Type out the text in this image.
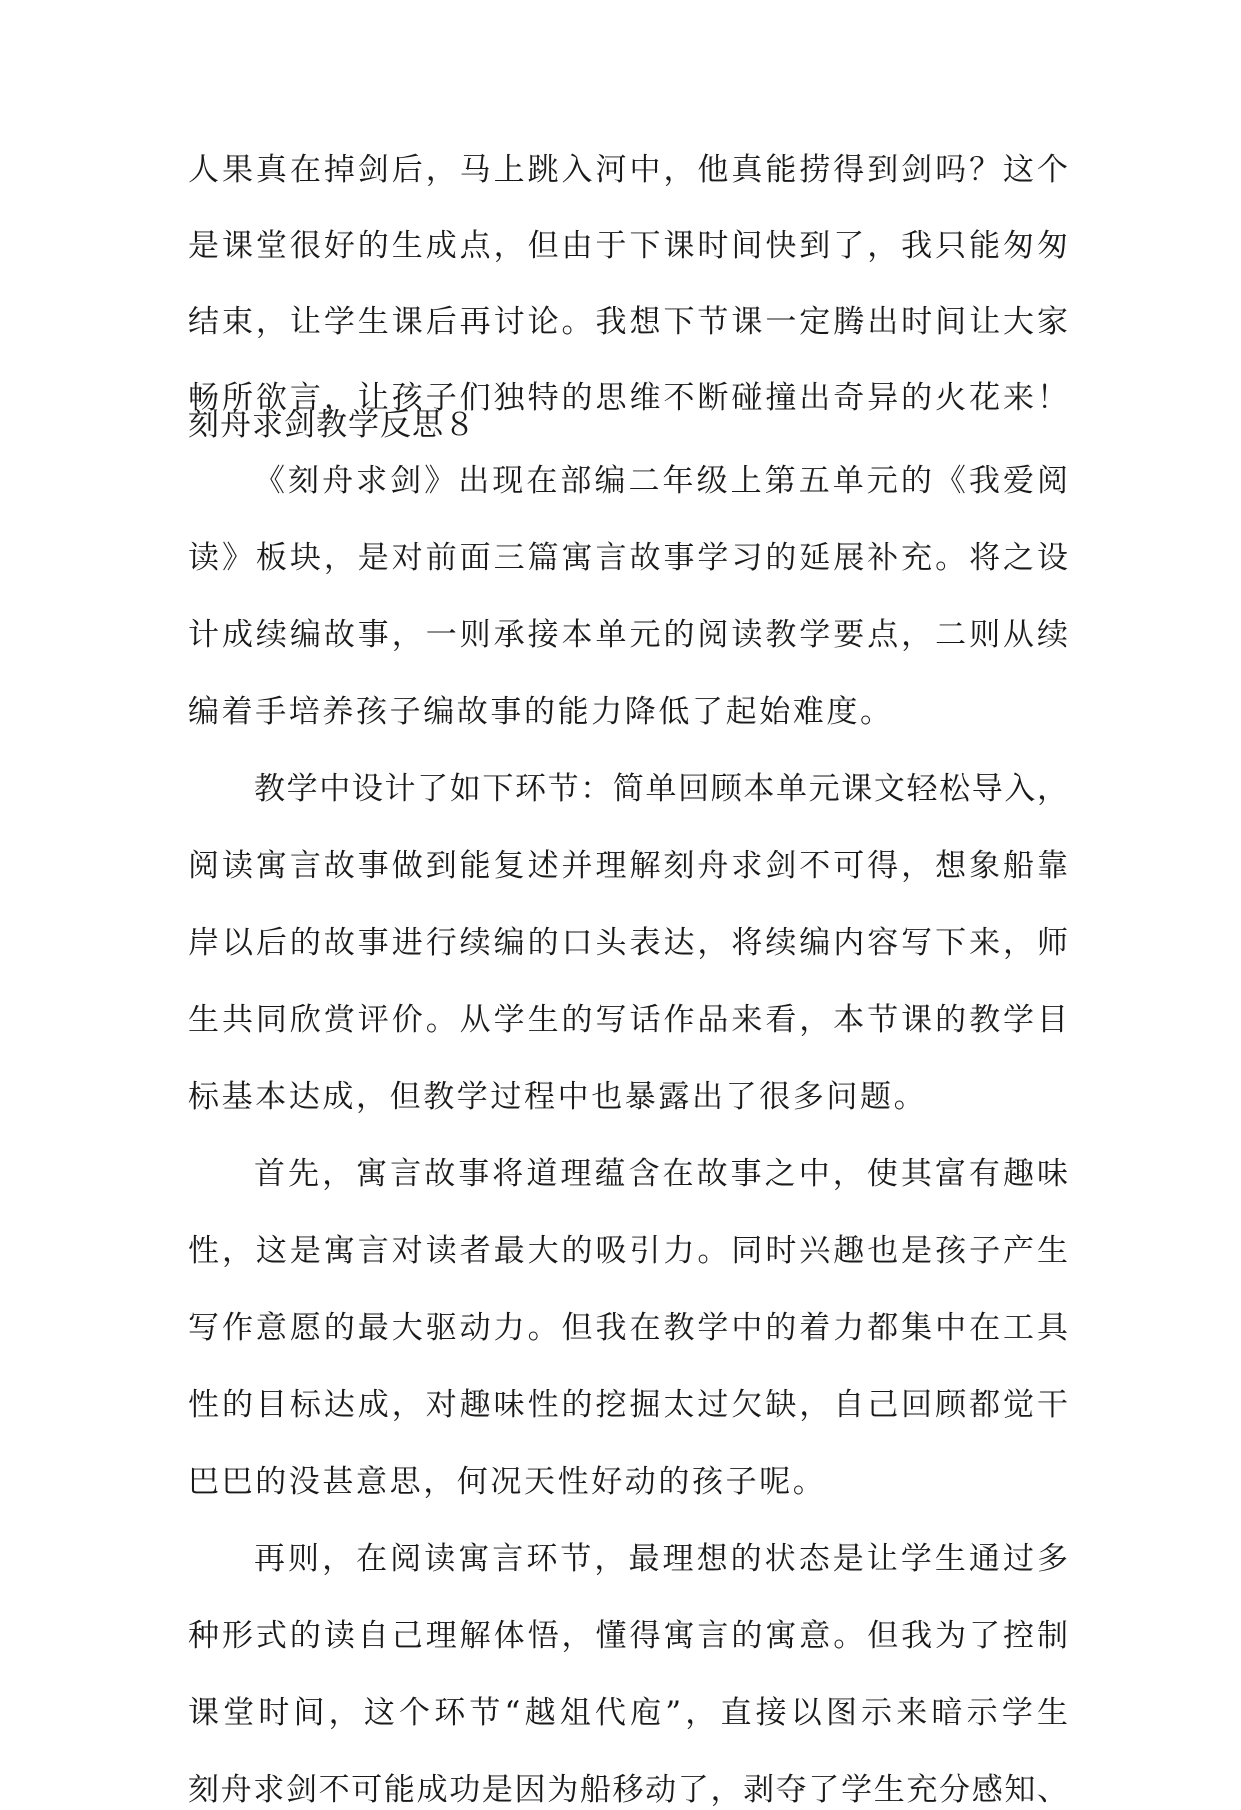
人果真在掉剑后，马上跳入河中，他真能捞得到剑吗？这个
是课堂很好的生成点，但由于下课时间快到了，我只能匆匆
结束，让学生课后再讨论。我想下节课一定腾出时间让大家
畅所欲言，让孩子们独特的思维不断碰撞出奇异的火花来！
刻舟求剑教学反思８
《刻舟求剑》出现在部编二年级上第五单元的《我爱阅
读》板块，是对前面三篇寓言故事学习的延展补充。将之设
计成续编故事，一则承接本单元的阅读教学要点，二则从续
编着手培养孩子编故事的能力降低了起始难度。
教学中设计了如下环节：简单回顾本单元课文轻松导入，
阅读寓言故事做到能复述并理解刻舟求剑不可得，想象船靠
岸以后的故事进行续编的口头表达，将续编内容写下来，师
生共同欣赏评价。从学生的写话作品来看，本节课的教学目
标基本达成，但教学过程中也暴露出了很多问题。
首先，寓言故事将道理蕴含在故事之中，使其富有趣味
性，这是寓言对读者最大的吸引力。同时兴趣也是孩子产生
写作意愿的最大驱动力。但我在教学中的着力都集中在工具
性的目标达成，对趣味性的挖掘太过欠缺，自己回顾都觉干
巴巴的没甚意思，何况天性好动的孩子呢。
再则，在阅读寓言环节，最理想的状态是让学生通过多
种形式的读自己理解体悟，懂得寓言的寓意。但我为了控制
课堂时间，这个环节“越俎代庖”，直接以图示来暗示学生
刻舟求剑不可能成功是因为船移动了，剥夺了学生充分感知、
